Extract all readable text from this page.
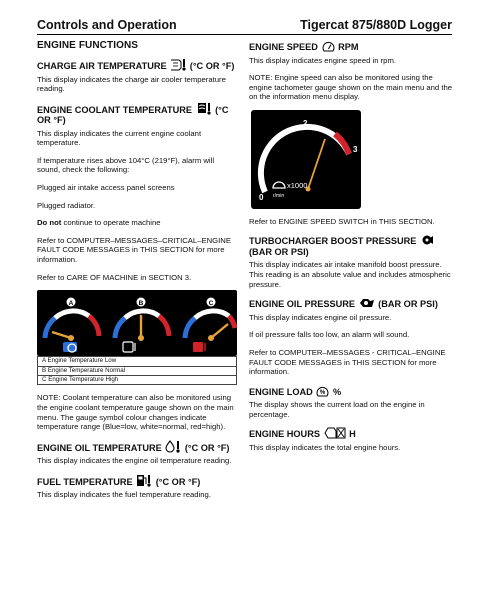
Controls and Operation	Tigercat 875/880D Logger
ENGINE FUNCTIONS
CHARGE AIR TEMPERATURE	(°C OR °F)

This display indicates the charge air cooler temperature reading.

ENGINE COOLANT TEMPERATURE	(°C OR °F)

This display indicates the current engine coolant temperature.

If temperature rises above 104°C (219°F), alarm will sound, check the following:

Plugged air intake access panel screens

Plugged radiator.

Do not continue to operate machine

Refer to COMPUTER–MESSAGES–CRITICAL–ENGINE FAULT CODE MESSAGES in THIS SECTION for more information.

Refer to CARE OF MACHINE in SECTION 3.

A	B	C
A Engine Temperature Low
B Engine Temperature Normal
C Engine Temperature High

NOTE: Coolant temperature can also be monitored using the engine coolant temperature gauge shown on the main menu. The gauge symbol colour changes indicate temperature range (Blue=low, white=normal, red=high).

ENGINE OIL TEMPERATURE	(°C OR °F)

This display indicates the engine oil temperature reading.

FUEL TEMPERATURE	(°C OR °F)

This display indicates the fuel temperature reading.

ENGINE SPEED RPM

This display indicates engine speed in rpm.

NOTE: Engine speed can also be monitored using the engine tachometer gauge shown on the main menu and the on the information menu display.

0
1
2
3
x1000
r/min

Refer to ENGINE SPEED SWITCH in THIS SECTION.

TURBOCHARGER BOOST PRESSURE
(BAR OR PSI)

This display indicates air intake manifold boost pressure. This reading is an absolute value and includes atmospheric pressure.

ENGINE OIL PRESSURE	(BAR OR PSI)

This display indicates engine oil pressure.

If oil pressure falls too low, an alarm will sound.

Refer to COMPUTER–MESSAGES - CRITICAL–ENGINE FAULT CODE MESSAGES in THIS SECTION for more information.

ENGINE LOAD % %

The display shows the current load on the engine in percentage.

ENGINE HOURS	H

This display indicates the total engine hours.
